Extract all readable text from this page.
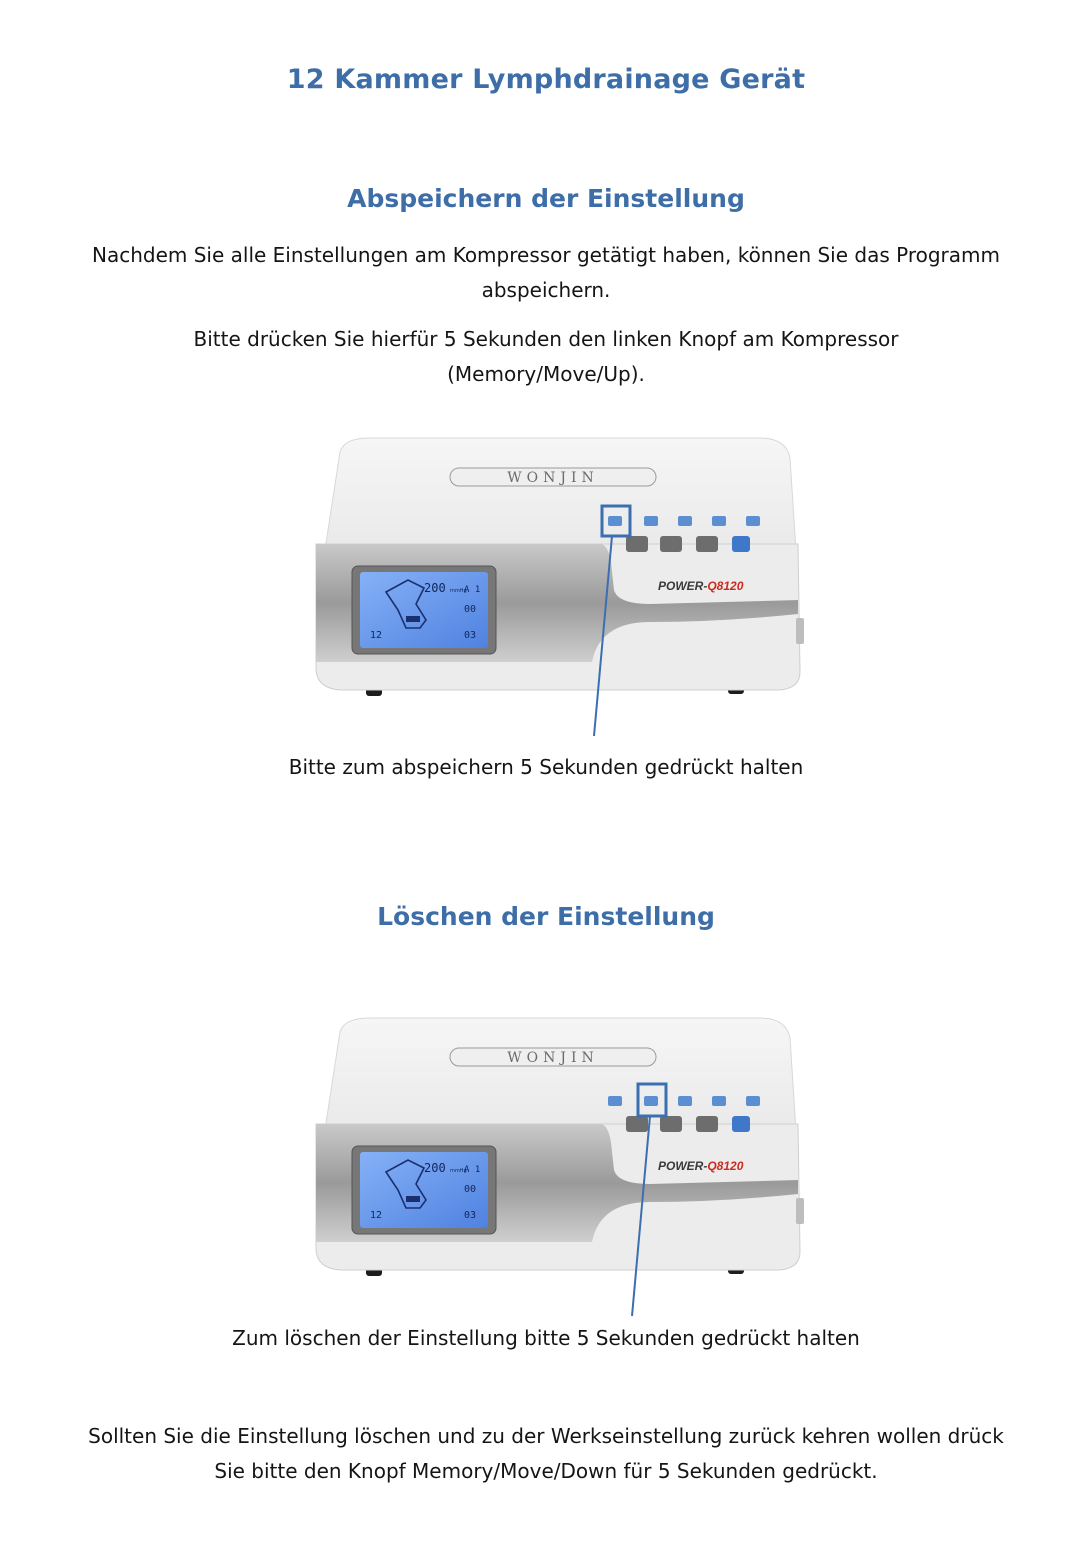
12 Kammer Lymphdrainage Gerät
Abspeichern der Einstellung
Nachdem Sie alle Einstellungen am Kompressor getätigt haben, können Sie das Programm
abspeichern.
Bitte drücken Sie hierfür 5 Sekunden den linken Knopf am Kompressor
(Memory/Move/Up).
WONJIN
200 mmHg
A 1
00
03
12
POWER-Q8120
Bitte zum abspeichern 5 Sekunden gedrückt halten
Löschen der Einstellung
WONJIN
200 mmHg
A 1
00
03
12
POWER-Q8120
Zum löschen der Einstellung bitte 5 Sekunden gedrückt halten
Sollten Sie die Einstellung löschen und zu der Werkseinstellung zurück kehren wollen drück
Sie bitte den Knopf Memory/Move/Down für 5 Sekunden gedrückt.
